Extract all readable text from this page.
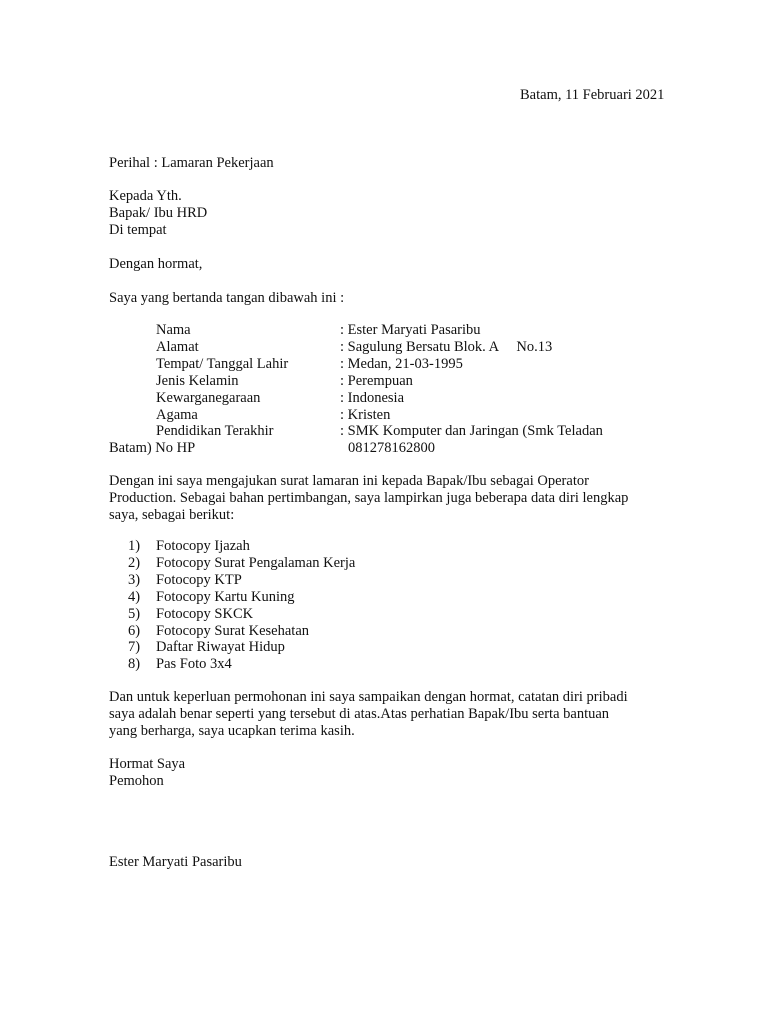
Batam, 11 Februari 2021
Perihal : Lamaran Pekerjaan
Kepada Yth.
Bapak/ Ibu HRD
Di tempat
Dengan hormat,
Saya yang bertanda tangan dibawah ini :
Nama	: Ester Maryati Pasaribu
Alamat	: Sagulung Bersatu Blok. A     No.13
Tempat/ Tanggal Lahir	: Medan, 21-03-1995
Jenis Kelamin	: Perempuan
Kewarganegaraan	: Indonesia
Agama	: Kristen
Pendidikan Terakhir	: SMK Komputer dan Jaringan (Smk Teladan
Batam) No HP	081278162800
Dengan ini saya mengajukan surat lamaran ini kepada Bapak/Ibu sebagai Operator
Production. Sebagai bahan pertimbangan, saya lampirkan juga beberapa data diri lengkap
saya, sebagai berikut:
1) Fotocopy Ijazah
2) Fotocopy Surat Pengalaman Kerja
3) Fotocopy KTP
4) Fotocopy Kartu Kuning
5) Fotocopy SKCK
6) Fotocopy Surat Kesehatan
7) Daftar Riwayat Hidup
8) Pas Foto 3x4
Dan untuk keperluan permohonan ini saya sampaikan dengan hormat, catatan diri pribadi
saya adalah benar seperti yang tersebut di atas.Atas perhatian Bapak/Ibu serta bantuan
yang berharga, saya ucapkan terima kasih.
Hormat Saya
Pemohon
Ester Maryati Pasaribu
